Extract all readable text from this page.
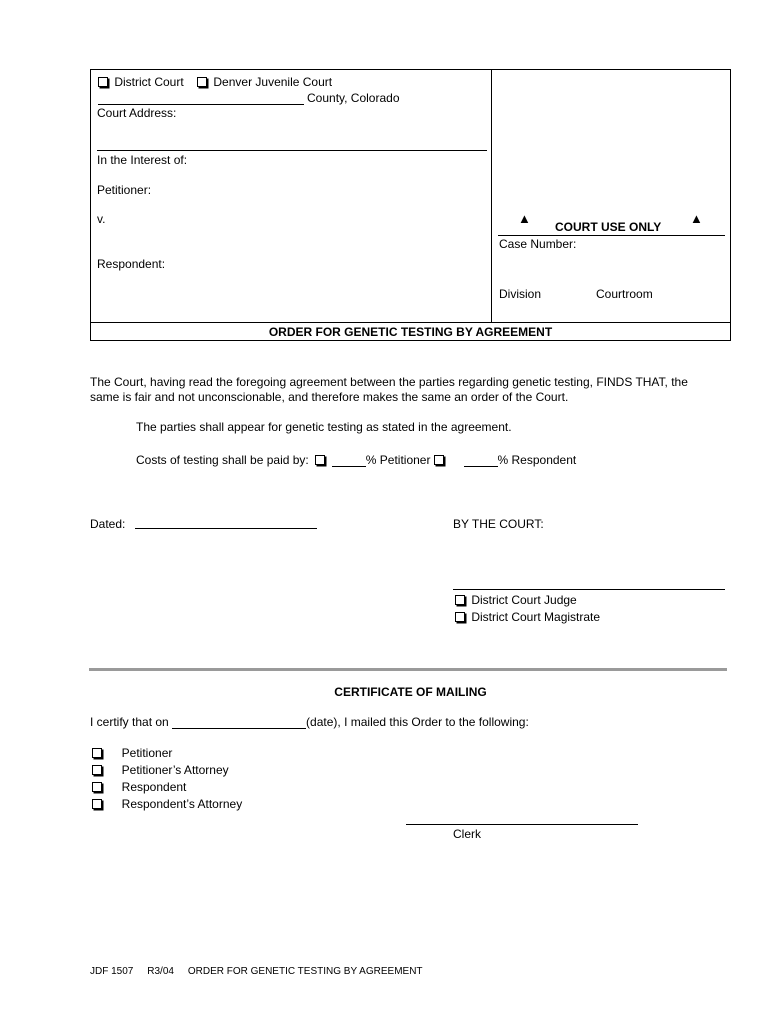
District Court Denver Juvenile Court
County, Colorado
Court Address:
In the Interest of:
Petitioner:
v.
Respondent:
▲
COURT USE ONLY
▲
Case Number:
Division	Courtroom
ORDER FOR GENETIC TESTING BY AGREEMENT
The Court, having read the foregoing agreement between the parties regarding genetic testing, FINDS THAT, the
same is fair and not unconscionable, and therefore makes the same an order of the Court.
The parties shall appear for genetic testing as stated in the agreement.
Costs of testing shall be paid by:	% Petitioner	% Respondent
Dated:	BY THE COURT:
District Court Judge
District Court Magistrate
CERTIFICATE OF MAILING
I certify that on	(date), I mailed this Order to the following:
Petitioner
Petitioner’s Attorney
Respondent
Respondent’s Attorney
Clerk
JDF 1507 R3/04 ORDER FOR GENETIC TESTING BY AGREEMENT
